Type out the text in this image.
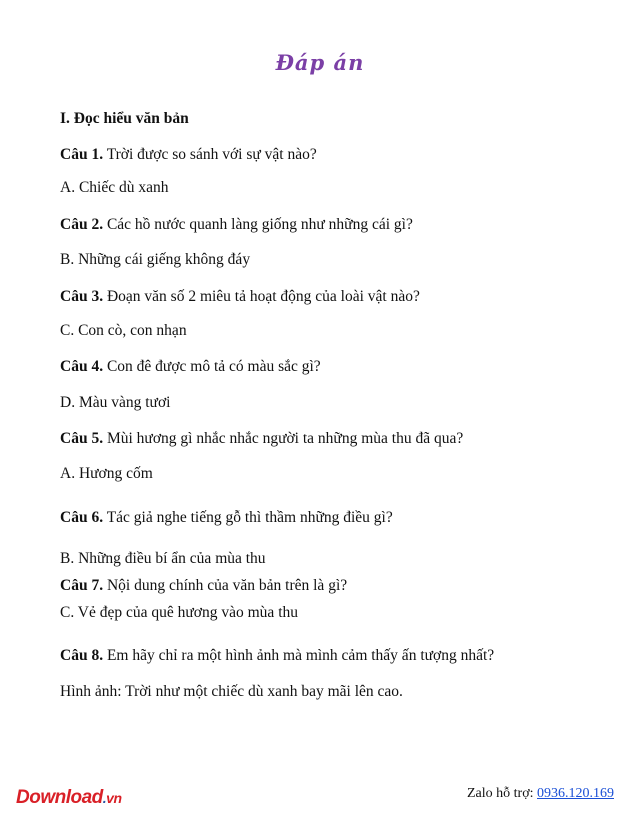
Đáp án
I. Đọc hiểu văn bản
Câu 1. Trời được so sánh với sự vật nào?
A. Chiếc dù xanh
Câu 2. Các hồ nước quanh làng giống như những cái gì?
B. Những cái giếng không đáy
Câu 3. Đoạn văn số 2 miêu tả hoạt động của loài vật nào?
C. Con cò, con nhạn
Câu 4. Con đê được mô tả có màu sắc gì?
D. Màu vàng tươi
Câu 5. Mùi hương gì nhắc nhắc người ta những mùa thu đã qua?
A. Hương cốm
Câu 6. Tác giả nghe tiếng gỗ thì thầm những điều gì?
B. Những điều bí ẩn của mùa thu
Câu 7. Nội dung chính của văn bản trên là gì?
C. Vẻ đẹp của quê hương vào mùa thu
Câu 8. Em hãy chỉ ra một hình ảnh mà mình cảm thấy ấn tượng nhất?
Hình ảnh: Trời như một chiếc dù xanh bay mãi lên cao.
Download.vn	Zalo hỗ trợ: 0936.120.169
